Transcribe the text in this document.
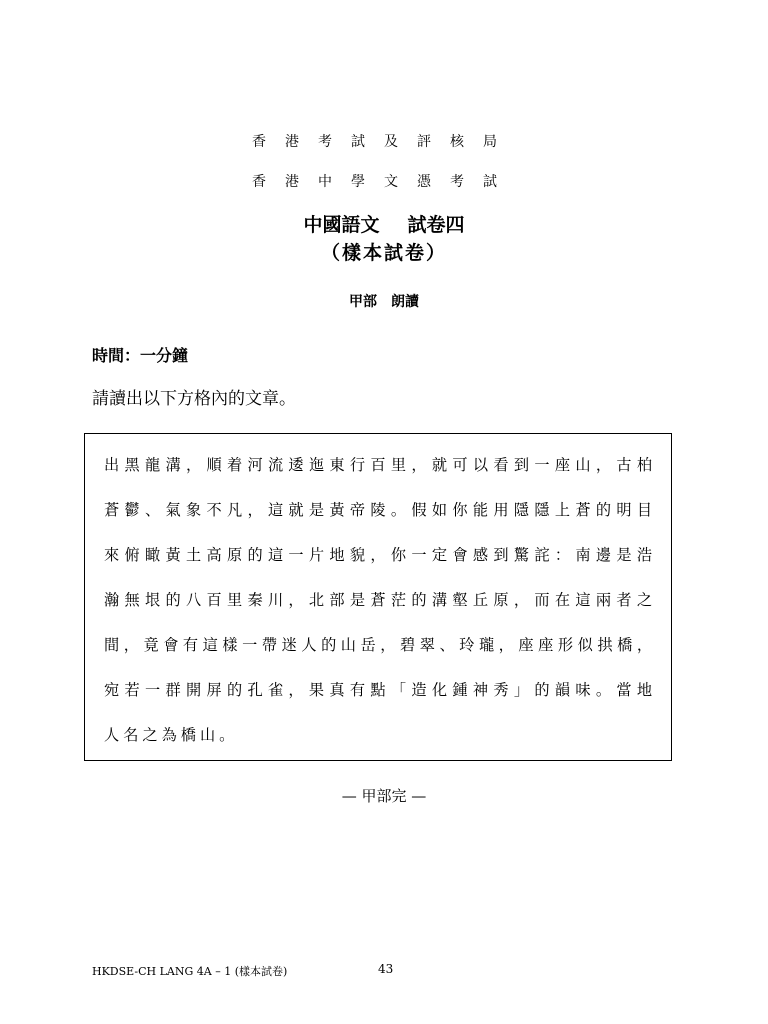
香港考試及評核局
香港中學文憑考試
中國語文 試卷四
（樣本試卷）
甲部 朗讀
時間：一分鐘
請讀出以下方格內的文章。
出黑龍溝，順着河流逶迤東行百里，就可以看到一座山，古柏
蒼鬱、氣象不凡，這就是黃帝陵。假如你能用隱隱上蒼的明目
來俯瞰黃土高原的這一片地貌，你一定會感到驚詫：南邊是浩
瀚無垠的八百里秦川，北部是蒼茫的溝壑丘原，而在這兩者之
間，竟會有這樣一帶迷人的山岳，碧翠、玲瓏，座座形似拱橋，
宛若一群開屏的孔雀，果真有點「造化鍾神秀」的韻味。當地
人名之為橋山。
— 甲部完 —
HKDSE-CH LANG 4A – 1 (樣本試卷)	43
